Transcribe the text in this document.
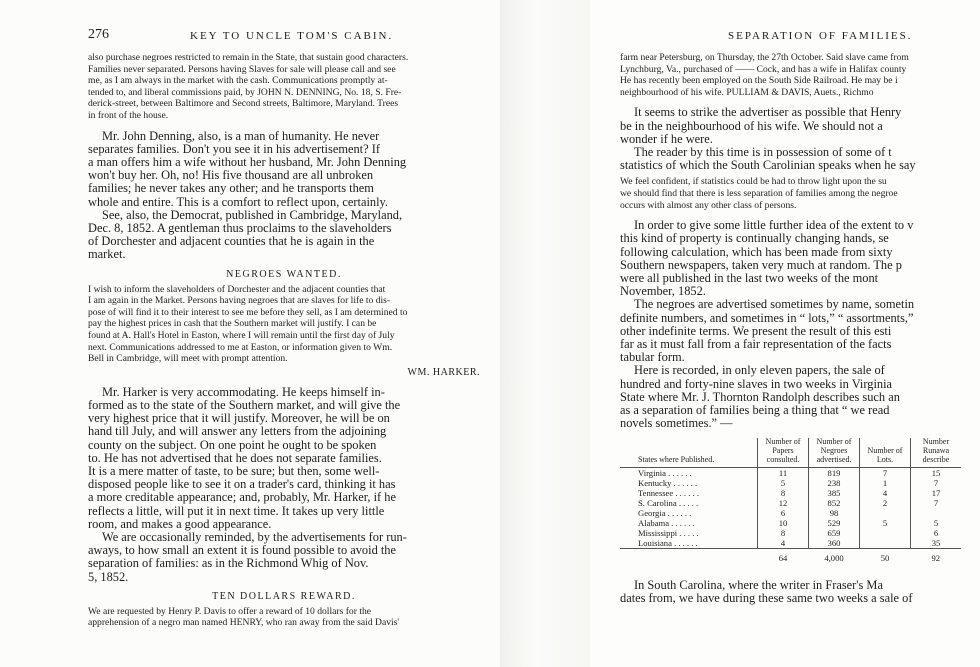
276	KEY TO UNCLE TOM'S CABIN.

also purchase negroes restricted to remain in the State, that sustain good characters.

Families never separated. Persons having Slaves for sale will please call and see

me, as I am always in the market with the cash. Communications promptly at-

tended to, and liberal commissions paid, by JOHN N. DENNING, No. 18, S. Fre-

derick-street, between Baltimore and Second streets, Baltimore, Maryland. Trees

in front of the house.

Mr. John Denning, also, is a man of humanity. He never

separates families. Don't you see it in his advertisement? If

a man offers him a wife without her husband, Mr. John Denning

won't buy her. Oh, no! His five thousand are all unbroken

families; he never takes any other; and he transports them

whole and entire. This is a comfort to reflect upon, certainly.

See, also, the Democrat, published in Cambridge, Maryland,

Dec. 8, 1852. A gentleman thus proclaims to the slaveholders

of Dorchester and adjacent counties that he is again in the

market.

NEGROES WANTED.

I wish to inform the slaveholders of Dorchester and the adjacent counties that

I am again in the Market. Persons having negroes that are slaves for life to dis-

pose of will find it to their interest to see me before they sell, as I am determined to

pay the highest prices in cash that the Southern market will justify. I can be

found at A. Hall's Hotel in Easton, where I will remain until the first day of July

next. Communications addressed to me at Easton, or information given to Wm.

Bell in Cambridge, will meet with prompt attention.

WM. HARKER.

Mr. Harker is very accommodating. He keeps himself in-

formed as to the state of the Southern market, and will give the

very highest price that it will justify. Moreover, he will be on

hand till July, and will answer any letters from the adjoining

county on the subject. On one point he ought to be spoken

to. He has not advertised that he does not separate families.

It is a mere matter of taste, to be sure; but then, some well-

disposed people like to see it on a trader's card, thinking it has

a more creditable appearance; and, probably, Mr. Harker, if he

reflects a little, will put it in next time. It takes up very little

room, and makes a good appearance.

We are occasionally reminded, by the advertisements for run-

aways, to how small an extent it is found possible to avoid the

separation of families: as in the Richmond Whig of Nov.

5, 1852.

TEN DOLLARS REWARD.

We are requested by Henry P. Davis to offer a reward of 10 dollars for the

apprehension of a negro man named HENRY, who ran away from the said Davis'

SEPARATION OF FAMILIES.

farm near Petersburg, on Thursday, the 27th October. Said slave came from

Lynchburg, Va., purchased of —— Cock, and has a wife in Halifax county

He has recently been employed on the South Side Railroad. He may be i

neighbourhood of his wife. PULLIAM & DAVIS, Auets., Richmo

It seems to strike the advertiser as possible that Henry

be in the neighbourhood of his wife. We should not a

wonder if he were.

The reader by this time is in possession of some of t

statistics of which the South Carolinian speaks when he say

We feel confident, if statistics could be had to throw light upon the su

we should find that there is less separation of families among the negroe

occurs with almost any other class of persons.

In order to give some little further idea of the extent to v

this kind of property is continually changing hands, se

following calculation, which has been made from sixty

Southern newspapers, taken very much at random. The p

were all published in the last two weeks of the mont

November, 1852.

The negroes are advertised sometimes by name, sometin

definite numbers, and sometimes in “ lots,” “ assortments,”

other indefinite terms. We present the result of this esti

far as it must fall from a fair representation of the facts

tabular form.

Here is recorded, in only eleven papers, the sale of

hundred and forty-nine slaves in two weeks in Virginia

State where Mr. J. Thornton Randolph describes such an

as a separation of families being a thing that “ we read

novels sometimes.” —

States where Published.	Number of Papers consulted.	Number of Negroes advertised.	Number of Lots.	Number Runawa describe
Virginia . . . . . .	11	819	7	15
Kentucky . . . . . .	5	238	1	7
Tennessee . . . . . .	8	385	4	17
S. Carolina . . . . .	12	852	2	7
Georgia . . . . . .	6	98		
Alabama . . . . . .	10	529	5	5
Mississippi . . . . .	8	659		6
Louisiana . . . . . .	4	360		35
	64	4,000	50	92

In South Carolina, where the writer in Fraser's Ma

dates from, we have during these same two weeks a sale of
